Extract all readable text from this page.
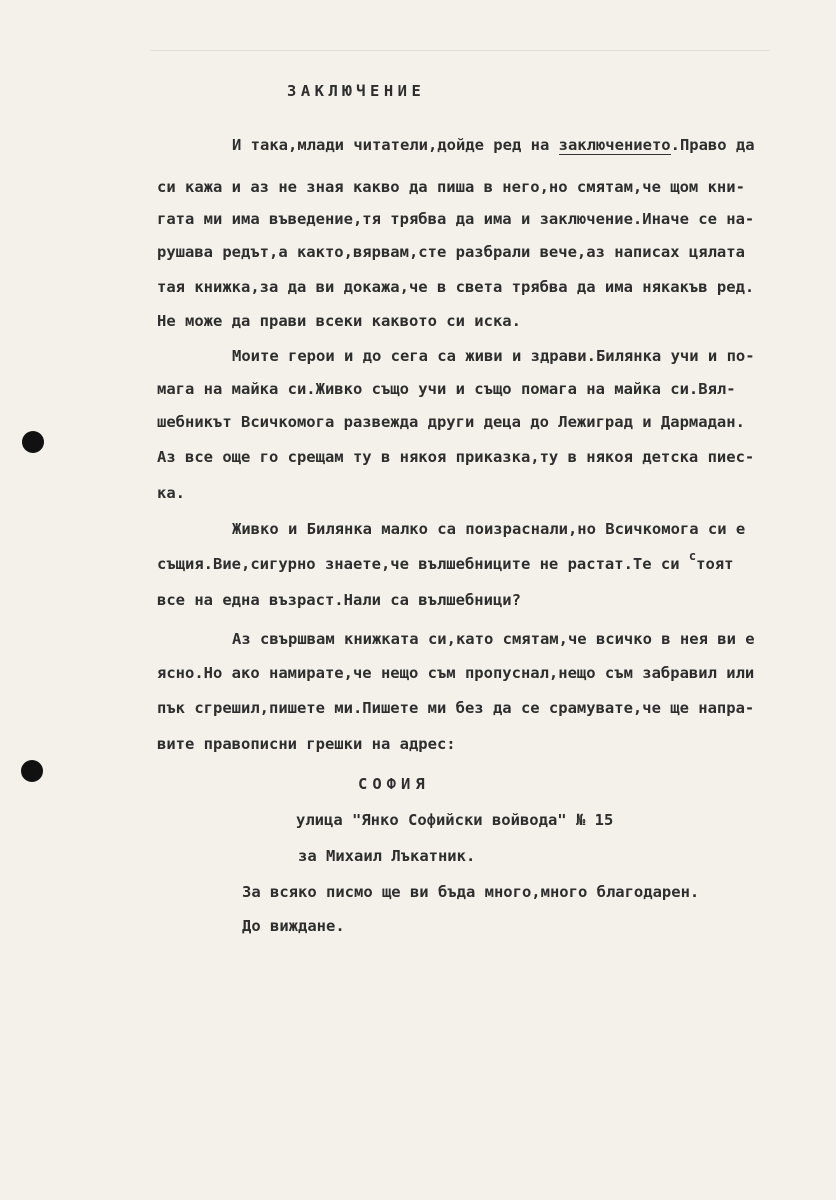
ЗАКЛЮЧЕНИЕ
И така,млади читатели,дойде ред на заключението.Право да
си кажа и аз не зная какво да пиша в него,но смятам,че щом кни-
гата ми има въведение,тя трябва да има и заключение.Иначе се на-
рушава редът,а както,вярвам,сте разбрали вече,аз написах цялата
тая книжка,за да ви докажа,че в света трябва да има някакъв ред.
Не може да прави всеки каквото си иска.
Моите герои и до сега са живи и здрави.Билянка учи и по-
мага на майка си.Живко също учи и също помага на майка си.Вял-
шебникът Всичкомога развежда други деца до Лежиград и Дармадан.
Аз все още го срещам ту в някоя приказка,ту в някоя детска пиес-
ка.
Живко и Билянка малко са поизраснали,но Всичкомога си е
същия.Вие,сигурно знаете,че вълшебниците не растат.Те си $^с$тоят
все на една възраст.Нали са вълшебници?
Аз свършвам книжката си,като смятам,че всичко в нея ви е
ясно.Но ако намирате,че нещо съм пропуснал,нещо съм забравил или
пък сгрешил,пишете ми.Пишете ми без да се срамувате,че ще напра-
вите правописни грешки на адрес:
СОФИЯ
улица "Янко Софийски войвода" № 15
за Михаил Лъкатник.
За всяко писмо ще ви бъда много,много благодарен.
До виждане.
